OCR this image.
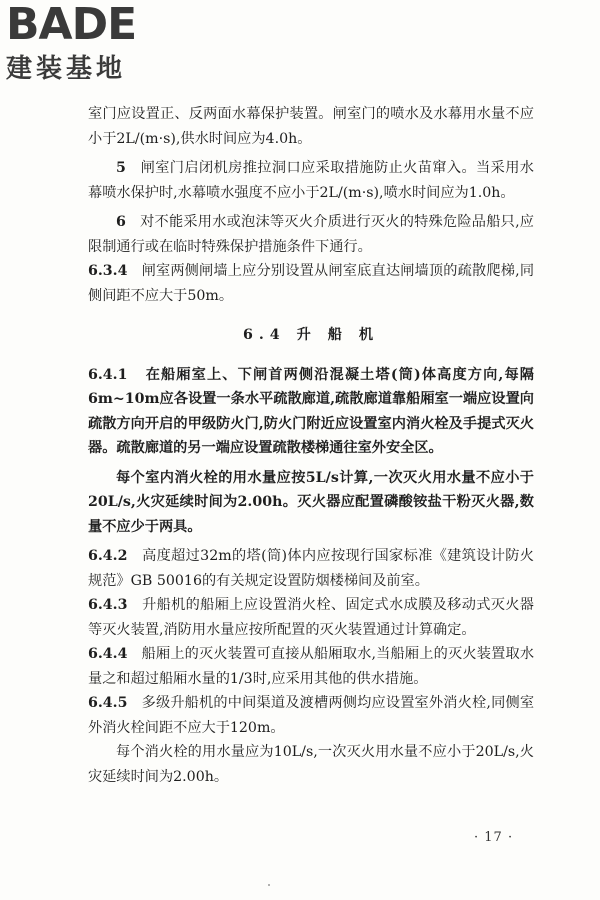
BADE
建装基地

室门应设置正、反两面水幕保护装置。闸室门的喷水及水幕用水量不应小于2L/(m·s),供水时间应为4.0h。

5 闸室门启闭机房推拉洞口应采取措施防止火苗窜入。当采用水幕喷水保护时,水幕喷水强度不应小于2L/(m·s),喷水时间应为1.0h。

6 对不能采用水或泡沫等灭火介质进行灭火的特殊危险品船只,应限制通行或在临时特殊保护措施条件下通行。

6.3.4 闸室两侧闸墙上应分别设置从闸室底直达闸墙顶的疏散爬梯,同侧间距不应大于50m。

6.4 升 船 机

6.4.1 在船厢室上、下闸首两侧沿混凝土塔(筒)体高度方向,每隔6m~10m应各设置一条水平疏散廊道,疏散廊道靠船厢室一端应设置向疏散方向开启的甲级防火门,防火门附近应设置室内消火栓及手提式灭火器。疏散廊道的另一端应设置疏散楼梯通往室外安全区。

每个室内消火栓的用水量应按5L/s计算,一次灭火用水量不应小于20L/s,火灾延续时间为2.00h。灭火器应配置磷酸铵盐干粉灭火器,数量不应少于两具。

6.4.2 高度超过32m的塔(筒)体内应按现行国家标准《建筑设计防火规范》GB 50016的有关规定设置防烟楼梯间及前室。

6.4.3 升船机的船厢上应设置消火栓、固定式水成膜及移动式灭火器等灭火装置,消防用水量应按所配置的灭火装置通过计算确定。

6.4.4 船厢上的灭火装置可直接从船厢取水,当船厢上的灭火装置取水量之和超过船厢水量的1/3时,应采用其他的供水措施。

6.4.5 多级升船机的中间渠道及渡槽两侧均应设置室外消火栓,同侧室外消火栓间距不应大于120m。

每个消火栓的用水量应为10L/s,一次灭火用水量不应小于20L/s,火灾延续时间为2.00h。

· 17 ·
